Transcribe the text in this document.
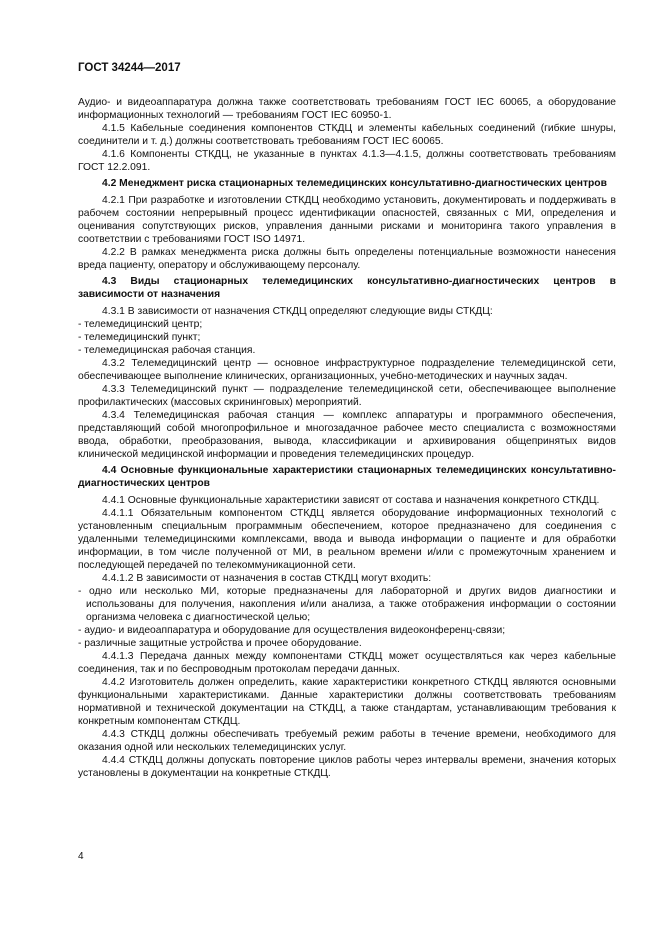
ГОСТ 34244—2017

Аудио- и видеоаппаратура должна также соответствовать требованиям ГОСТ IEC 60065, а оборудование информационных технологий — требованиям ГОСТ IEC 60950-1.

4.1.5 Кабельные соединения компонентов СТКДЦ и элементы кабельных соединений (гибкие шнуры, соединители и т. д.) должны соответствовать требованиям ГОСТ IEC 60065.

4.1.6 Компоненты СТКДЦ, не указанные в пунктах 4.1.3—4.1.5, должны соответствовать требованиям ГОСТ 12.2.091.

4.2 Менеджмент риска стационарных телемедицинских консультативно-диагностических центров

4.2.1 При разработке и изготовлении СТКДЦ необходимо установить, документировать и поддерживать в рабочем состоянии непрерывный процесс идентификации опасностей, связанных с МИ, определения и оценивания сопутствующих рисков, управления данными рисками и мониторинга такого управления в соответствии с требованиями ГОСТ ISO 14971.

4.2.2 В рамках менеджмента риска должны быть определены потенциальные возможности нанесения вреда пациенту, оператору и обслуживающему персоналу.

4.3 Виды стационарных телемедицинских консультативно-диагностических центров в зависимости от назначения

4.3.1 В зависимости от назначения СТКДЦ определяют следующие виды СТКДЦ:

- телемедицинский центр;

- телемедицинский пункт;

- телемедицинская рабочая станция.

4.3.2 Телемедицинский центр — основное инфраструктурное подразделение телемедицинской сети, обеспечивающее выполнение клинических, организационных, учебно-методических и научных задач.

4.3.3 Телемедицинский пункт — подразделение телемедицинской сети, обеспечивающее выполнение профилактических (массовых скрининговых) мероприятий.

4.3.4 Телемедицинская рабочая станция — комплекс аппаратуры и программного обеспечения, представляющий собой многопрофильное и многозадачное рабочее место специалиста с возможностями ввода, обработки, преобразования, вывода, классификации и архивирования общепринятых видов клинической медицинской информации и проведения телемедицинских процедур.

4.4 Основные функциональные характеристики стационарных телемедицинских консультативно-диагностических центров

4.4.1 Основные функциональные характеристики зависят от состава и назначения конкретного СТКДЦ.

4.4.1.1 Обязательным компонентом СТКДЦ является оборудование информационных технологий с установленным специальным программным обеспечением, которое предназначено для соединения с удаленными телемедицинскими комплексами, ввода и вывода информации о пациенте и для обработки информации, в том числе полученной от МИ, в реальном времени и/или с промежуточным хранением и последующей передачей по телекоммуникационной сети.

4.4.1.2 В зависимости от назначения в состав СТКДЦ могут входить:

- одно или несколько МИ, которые предназначены для лабораторной и других видов диагностики и использованы для получения, накопления и/или анализа, а также отображения информации о состоянии организма человека с диагностической целью;

- аудио- и видеоаппаратура и оборудование для осуществления видеоконференц-связи;

- различные защитные устройства и прочее оборудование.

4.4.1.3 Передача данных между компонентами СТКДЦ может осуществляться как через кабельные соединения, так и по беспроводным протоколам передачи данных.

4.4.2 Изготовитель должен определить, какие характеристики конкретного СТКДЦ являются основными функциональными характеристиками. Данные характеристики должны соответствовать требованиям нормативной и технической документации на СТКДЦ, а также стандартам, устанавливающим требования к конкретным компонентам СТКДЦ.

4.4.3 СТКДЦ должны обеспечивать требуемый режим работы в течение времени, необходимого для оказания одной или нескольких телемедицинских услуг.

4.4.4 СТКДЦ должны допускать повторение циклов работы через интервалы времени, значения которых установлены в документации на конкретные СТКДЦ.

4
